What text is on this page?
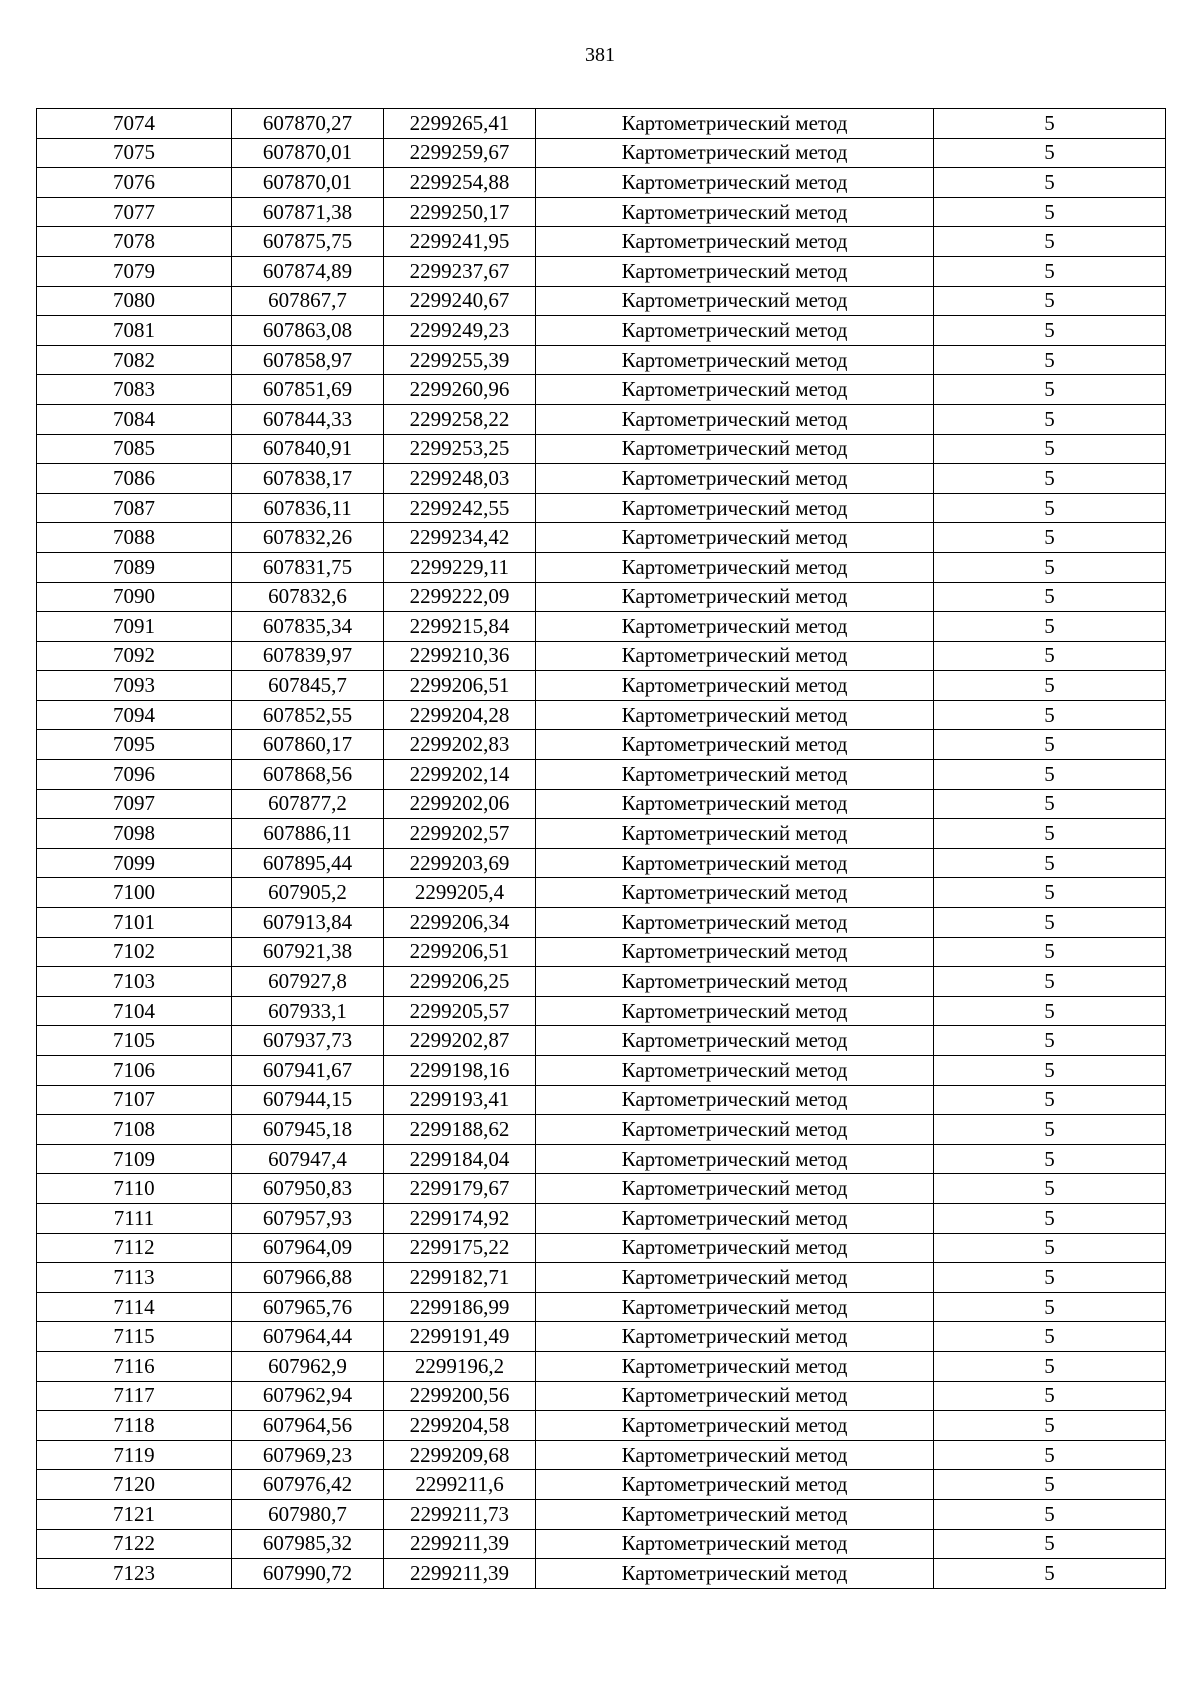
381
7074	607870,27	2299265,41	Картометрический метод	5
7075	607870,01	2299259,67	Картометрический метод	5
7076	607870,01	2299254,88	Картометрический метод	5
7077	607871,38	2299250,17	Картометрический метод	5
7078	607875,75	2299241,95	Картометрический метод	5
7079	607874,89	2299237,67	Картометрический метод	5
7080	607867,7	2299240,67	Картометрический метод	5
7081	607863,08	2299249,23	Картометрический метод	5
7082	607858,97	2299255,39	Картометрический метод	5
7083	607851,69	2299260,96	Картометрический метод	5
7084	607844,33	2299258,22	Картометрический метод	5
7085	607840,91	2299253,25	Картометрический метод	5
7086	607838,17	2299248,03	Картометрический метод	5
7087	607836,11	2299242,55	Картометрический метод	5
7088	607832,26	2299234,42	Картометрический метод	5
7089	607831,75	2299229,11	Картометрический метод	5
7090	607832,6	2299222,09	Картометрический метод	5
7091	607835,34	2299215,84	Картометрический метод	5
7092	607839,97	2299210,36	Картометрический метод	5
7093	607845,7	2299206,51	Картометрический метод	5
7094	607852,55	2299204,28	Картометрический метод	5
7095	607860,17	2299202,83	Картометрический метод	5
7096	607868,56	2299202,14	Картометрический метод	5
7097	607877,2	2299202,06	Картометрический метод	5
7098	607886,11	2299202,57	Картометрический метод	5
7099	607895,44	2299203,69	Картометрический метод	5
7100	607905,2	2299205,4	Картометрический метод	5
7101	607913,84	2299206,34	Картометрический метод	5
7102	607921,38	2299206,51	Картометрический метод	5
7103	607927,8	2299206,25	Картометрический метод	5
7104	607933,1	2299205,57	Картометрический метод	5
7105	607937,73	2299202,87	Картометрический метод	5
7106	607941,67	2299198,16	Картометрический метод	5
7107	607944,15	2299193,41	Картометрический метод	5
7108	607945,18	2299188,62	Картометрический метод	5
7109	607947,4	2299184,04	Картометрический метод	5
7110	607950,83	2299179,67	Картометрический метод	5
7111	607957,93	2299174,92	Картометрический метод	5
7112	607964,09	2299175,22	Картометрический метод	5
7113	607966,88	2299182,71	Картометрический метод	5
7114	607965,76	2299186,99	Картометрический метод	5
7115	607964,44	2299191,49	Картометрический метод	5
7116	607962,9	2299196,2	Картометрический метод	5
7117	607962,94	2299200,56	Картометрический метод	5
7118	607964,56	2299204,58	Картометрический метод	5
7119	607969,23	2299209,68	Картометрический метод	5
7120	607976,42	2299211,6	Картометрический метод	5
7121	607980,7	2299211,73	Картометрический метод	5
7122	607985,32	2299211,39	Картометрический метод	5
7123	607990,72	2299211,39	Картометрический метод	5
